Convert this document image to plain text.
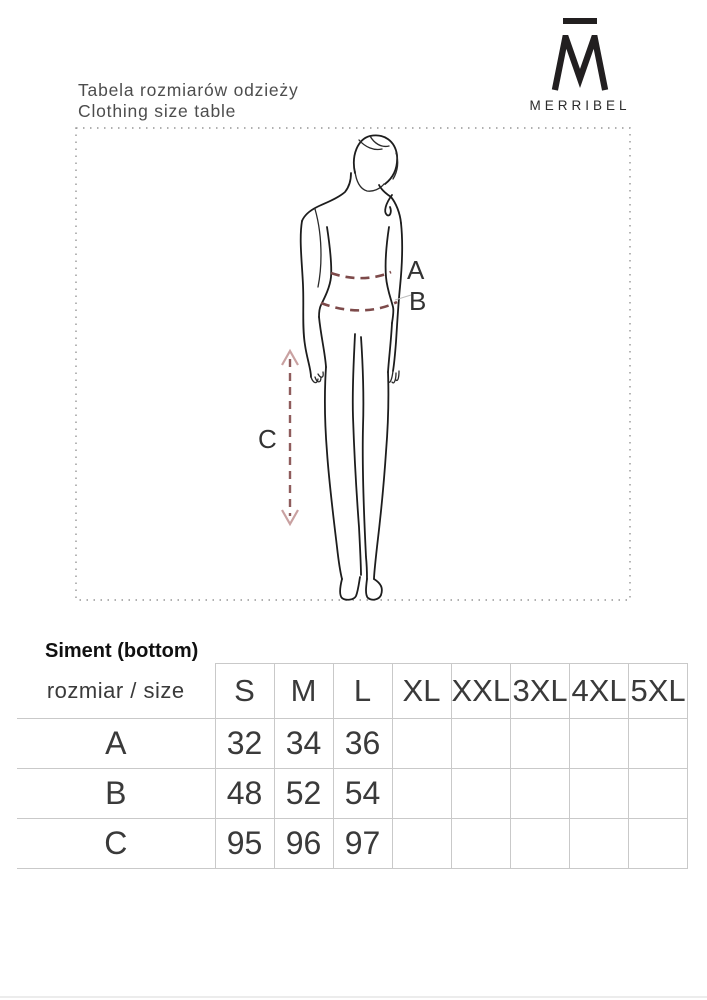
Tabela rozmiarów odzieży
Clothing size table	MERRIBEL
A
B
C
Siment (bottom)
rozmiar / size	S	M	L	XL	XXL	3XL	4XL	5XL
A	32	34	36					
B	48	52	54					
C	95	96	97					
